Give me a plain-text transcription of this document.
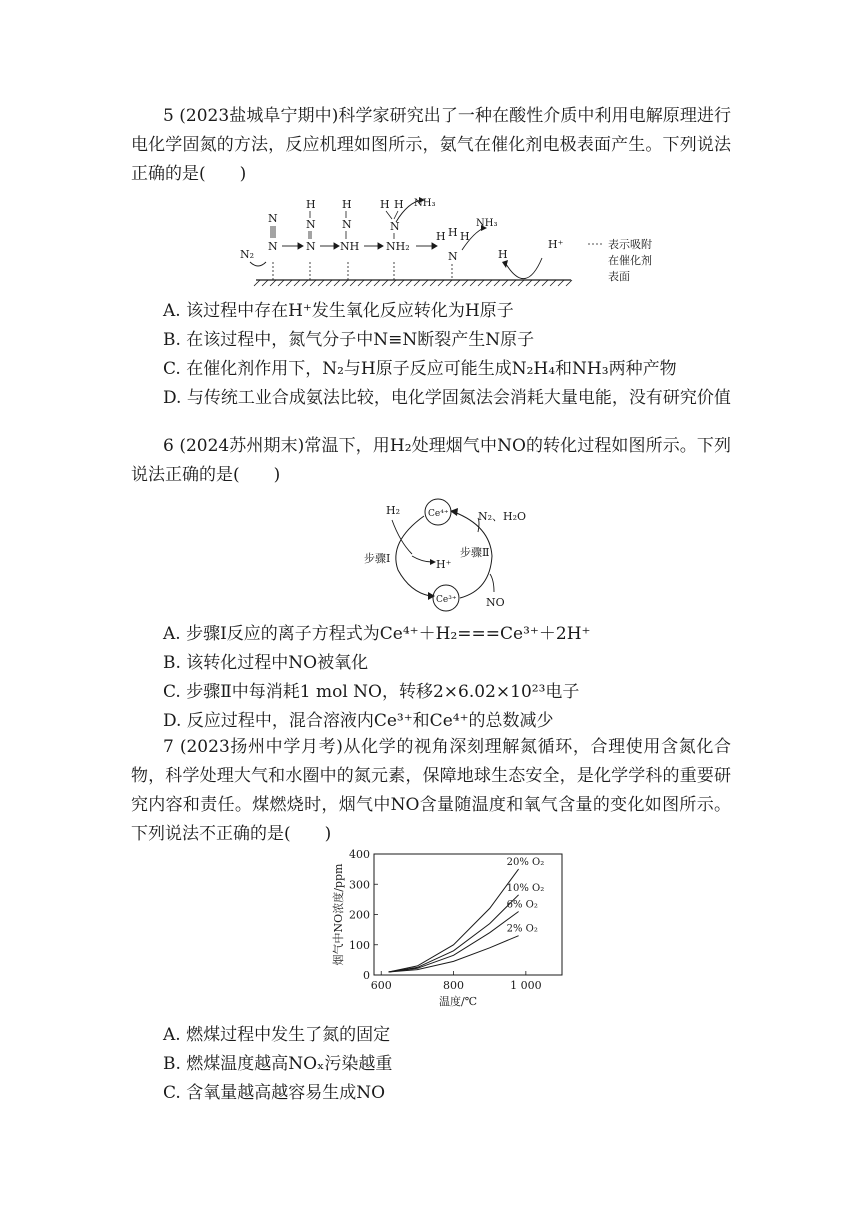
5 (2023盐城阜宁期中)科学家研究出了一种在酸性介质中利用电解原理进行电化学固氮的方法，反应机理如图所示，氨气在催化剂电极表面产生。下列说法正确的是(　　)
N₂
N
N
H
N
N
H
N
NH
H H
N
NH₂
NH₃
H H H
N
NH₃
H
H⁺	表示吸附
在催化剂
表面
A. 该过程中存在H⁺发生氧化反应转化为H原子
B. 在该过程中，氮气分子中N≡N断裂产生N原子
C. 在催化剂作用下，N₂与H原子反应可能生成N₂H₄和NH₃两种产物
D. 与传统工业合成氨法比较，电化学固氮法会消耗大量电能，没有研究价值
6 (2024苏州期末)常温下，用H₂处理烟气中NO的转化过程如图所示。下列说法正确的是(　　)
H₂	Ce⁴⁺
Ce³⁺
H⁺
N₂、H₂O
NO
步骤Ⅰ	步骤Ⅱ
A. 步骤Ⅰ反应的离子方程式为Ce⁴⁺＋H₂===Ce³⁺＋2H⁺
B. 该转化过程中NO被氧化
C. 步骤Ⅱ中每消耗1 mol NO，转移2×6.02×10²³电子
D. 反应过程中，混合溶液内Ce³⁺和Ce⁴⁺的总数减少
7 (2023扬州中学月考)从化学的视角深刻理解氮循环，合理使用含氮化合物，科学处理大气和水圈中的氮元素，保障地球生态安全，是化学学科的重要研究内容和责任。煤燃烧时，烟气中NO含量随温度和氧气含量的变化如图所示。下列说法不正确的是(　　)
0
100
200
300
400
600	800	1 000
温度/℃
烟气中NO浓度/ppm
20% O₂
10% O₂
6% O₂
2% O₂
A. 燃煤过程中发生了氮的固定
B. 燃煤温度越高NOₓ污染越重
C. 含氧量越高越容易生成NO
